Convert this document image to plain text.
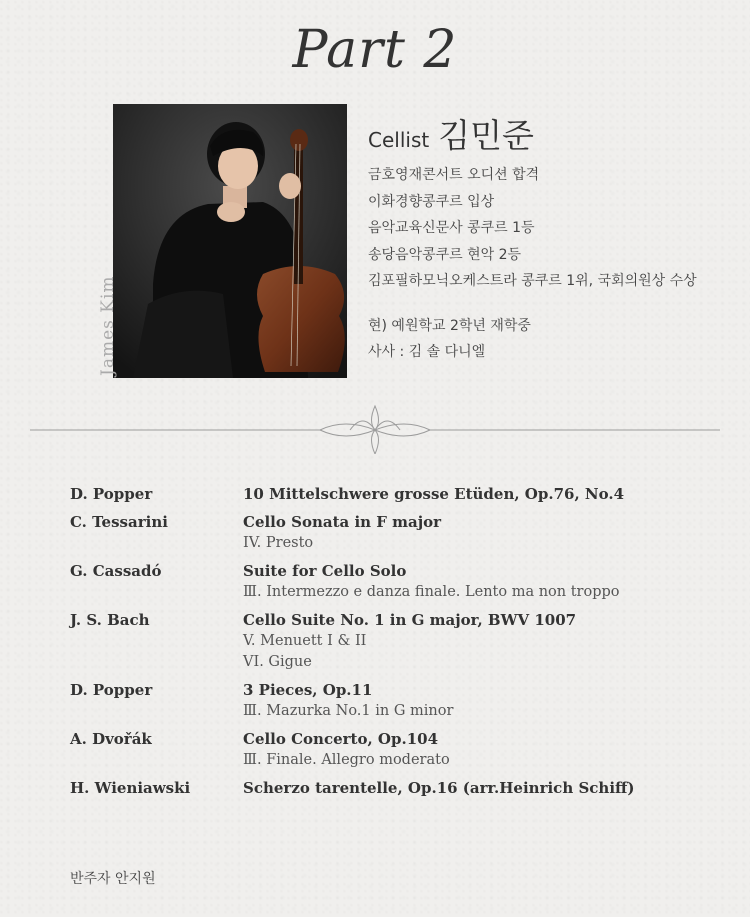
Part 2
James Kim
Cellist 김민준
금호영재콘서트 오디션 합격
이화경향콩쿠르 입상
음악교육신문사 콩쿠르 1등
송당음악콩쿠르 현악 2등
김포필하모닉오케스트라 콩쿠르 1위, 국회의원상 수상
현) 예원학교 2학년 재학중
사사 : 김 솔 다니엘
D. Popper	10 Mittelschwere grosse Etüden, Op.76, No.4
C. Tessarini	Cello Sonata in F major
IV. Presto
G. Cassadó	Suite for Cello Solo
Ⅲ. Intermezzo e danza finale. Lento ma non troppo
J. S. Bach	Cello Suite No. 1 in G major, BWV 1007
V. Menuett I & II
VI. Gigue
D. Popper	3 Pieces, Op.11
Ⅲ. Mazurka No.1 in G minor
A. Dvořák	Cello Concerto, Op.104
Ⅲ. Finale. Allegro moderato
H. Wieniawski	Scherzo tarentelle, Op.16 (arr.Heinrich Schiff)
반주자 안지원
